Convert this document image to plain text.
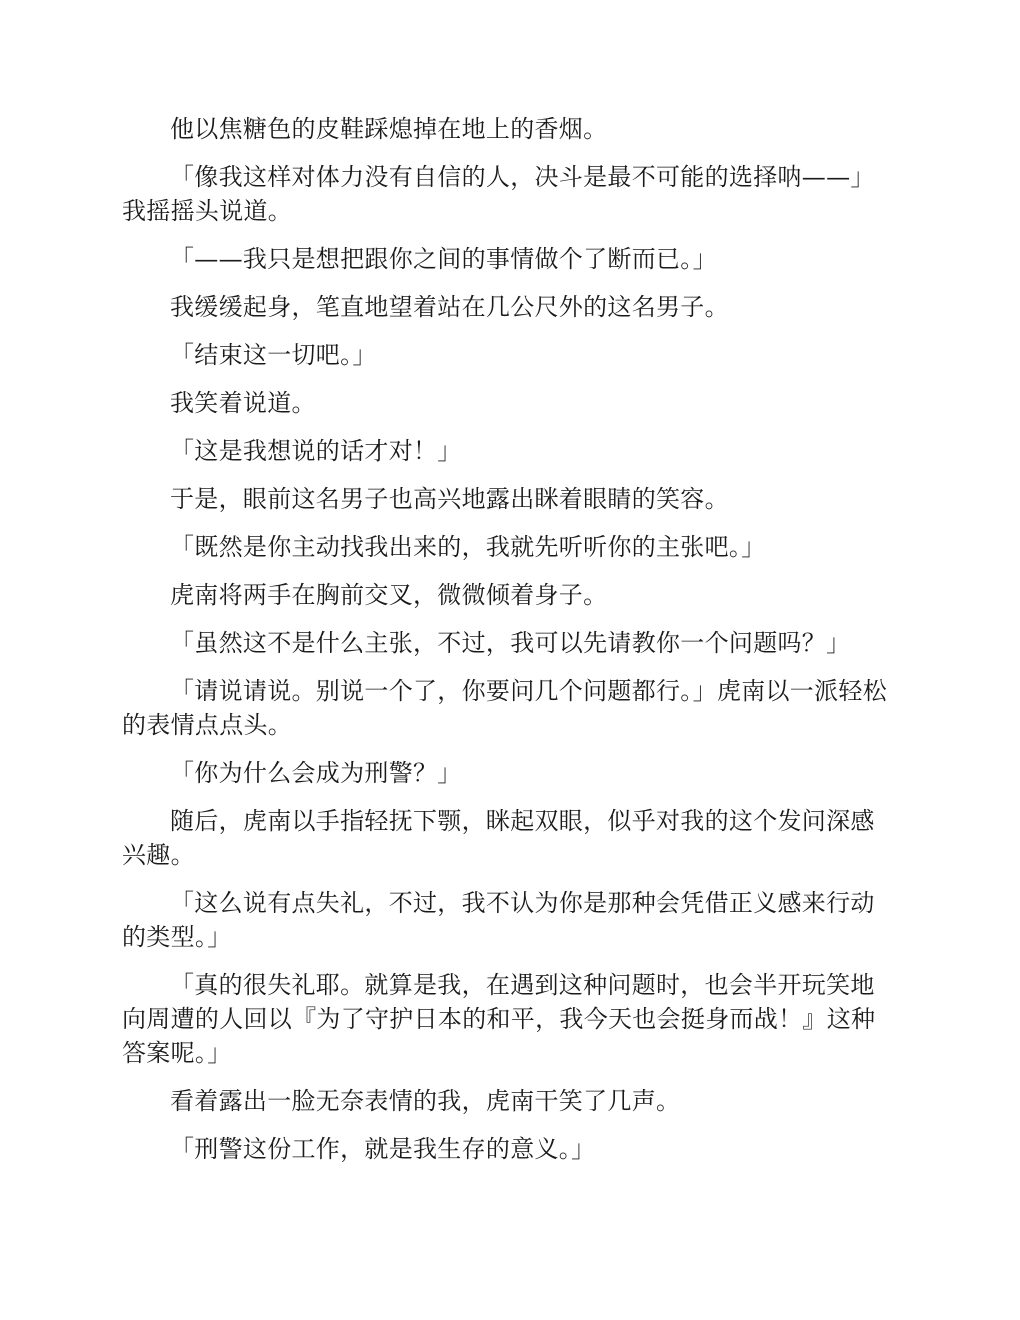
他以焦糖色的皮鞋踩熄掉在地上的香烟。

「像我这样对体力没有自信的人，决斗是最不可能的选择呐——」我摇摇头说道。

「——我只是想把跟你之间的事情做个了断而已。」

我缓缓起身，笔直地望着站在几公尺外的这名男子。

「结束这一切吧。」

我笑着说道。

「这是我想说的话才对！」

于是，眼前这名男子也高兴地露出眯着眼睛的笑容。

「既然是你主动找我出来的，我就先听听你的主张吧。」

虎南将两手在胸前交叉，微微倾着身子。

「虽然这不是什么主张，不过，我可以先请教你一个问题吗？」

「请说请说。别说一个了，你要问几个问题都行。」虎南以一派轻松的表情点点头。

「你为什么会成为刑警？」

随后，虎南以手指轻抚下颚，眯起双眼，似乎对我的这个发问深感兴趣。

「这么说有点失礼，不过，我不认为你是那种会凭借正义感来行动的类型。」

「真的很失礼耶。就算是我，在遇到这种问题时，也会半开玩笑地向周遭的人回以『为了守护日本的和平，我今天也会挺身而战！』这种答案呢。」

看着露出一脸无奈表情的我，虎南干笑了几声。

「刑警这份工作，就是我生存的意义。」
